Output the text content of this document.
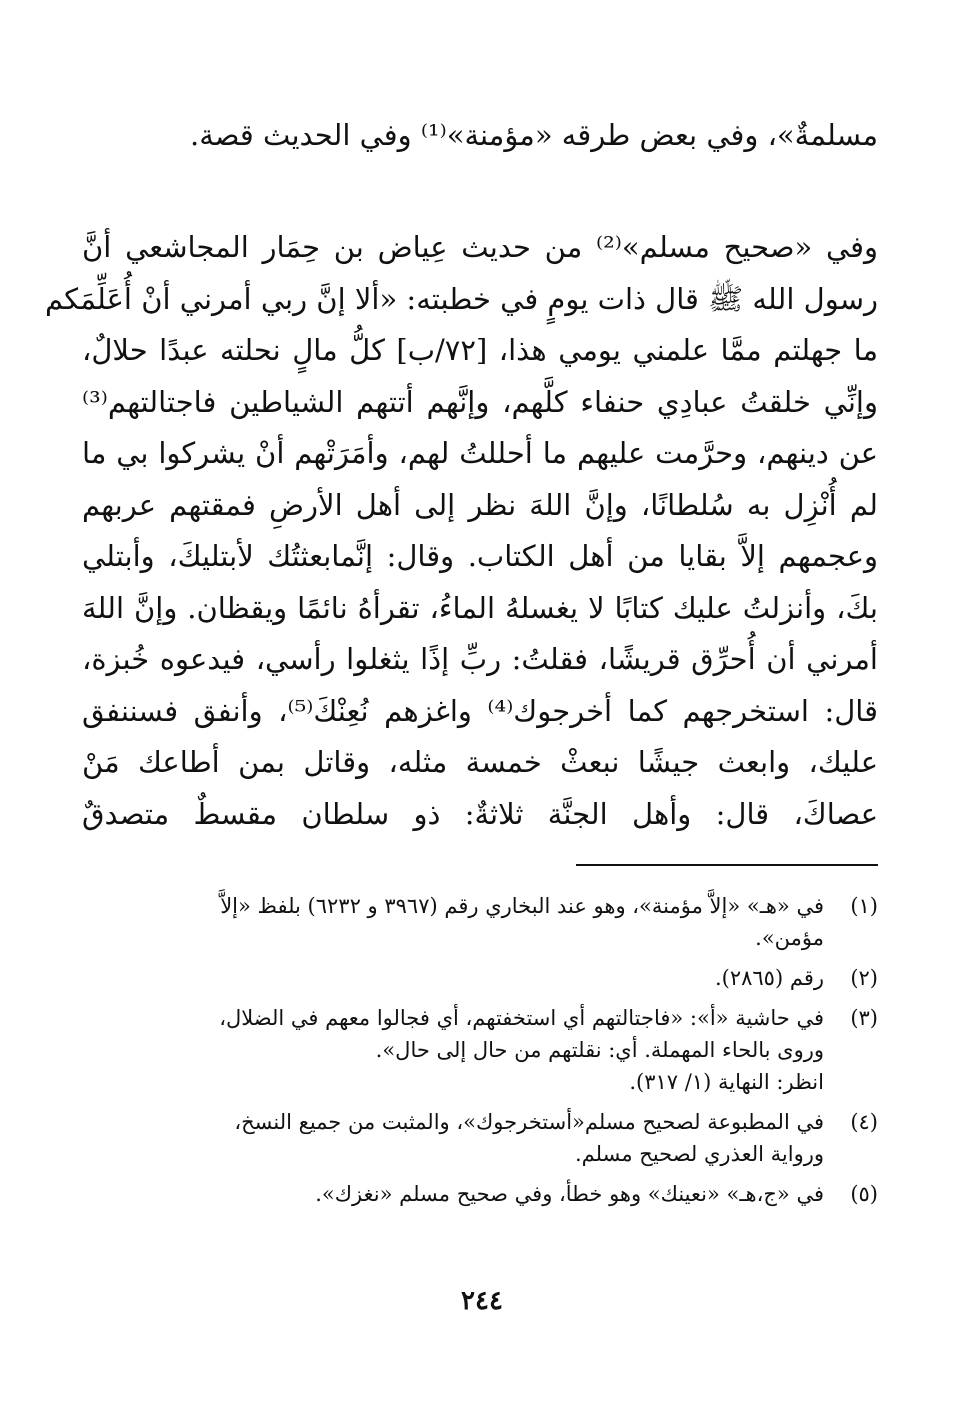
مسلمةٌ»، وفي بعض طرقه «مؤمنة»⁽¹⁾ وفي الحديث قصة.
وفي «صحيح مسلم»⁽²⁾ من حديث عِياض بن حِمَار المجاشعي أنَّ
رسول الله ﷺ قال ذات يومٍ في خطبته: «ألا إنَّ ربي أمرني أنْ أُعَلِّمَكم
ما جهلتم ممَّا علمني يومي هذا، [٧٢/ب] كلُّ مالٍ نحلته عبدًا حلالٌ،
وإنِّي خلقتُ عبادِي حنفاء كلَّهم، وإنَّهم أتتهم الشياطين فاجتالتهم⁽³⁾
عن دينهم، وحرَّمت عليهم ما أحللتُ لهم، وأمَرَتْهم أنْ يشركوا بي ما
لم أُنْزِل به سُلطانًا، وإنَّ اللهَ نظر إلى أهل الأرضِ فمقتهم عربهم
وعجمهم إلاَّ بقايا من أهل الكتاب. وقال: إنَّمابعثتُك لأبتليكَ، وأبتلي
بكَ، وأنزلتُ عليك كتابًا لا يغسلهُ الماءُ، تقرأهُ نائمًا ويقظان. وإنَّ اللهَ
أمرني أن أُحرِّق قريشًا، فقلتُ: ربِّ إذًا يثغلوا رأسي، فيدعوه خُبزة،
قال: استخرجهم كما أخرجوك⁽⁴⁾ واغزهم نُعِنْكَ⁽⁵⁾، وأنفق فسننفق
عليك، وابعث جيشًا نبعثْ خمسة مثله، وقاتل بمن أطاعك مَنْ
عصاكَ، قال: وأهل الجنَّة ثلاثةٌ: ذو سلطان مقسطٌ متصدقٌ
(١)
في «هـ» «إلاَّ مؤمنة»، وهو عند البخاري رقم (٣٩٦٧ و ٦٢٣٢) بلفظ «إلاَّ
مؤمن».
(٢)
رقم (٢٨٦٥).
(٣)
في حاشية «أ»: «فاجتالتهم أي استخفتهم، أي فجالوا معهم في الضلال،
وروى بالحاء المهملة. أي: نقلتهم من حال إلى حال».
انظر: النهاية (١/ ٣١٧).
(٤)
في المطبوعة لصحيح مسلم«أستخرجوك»، والمثبت من جميع النسخ،
ورواية العذري لصحيح مسلم.
(٥)
في «ج،هـ» «نعينك» وهو خطأ، وفي صحيح مسلم «نغزك».
٢٤٤
